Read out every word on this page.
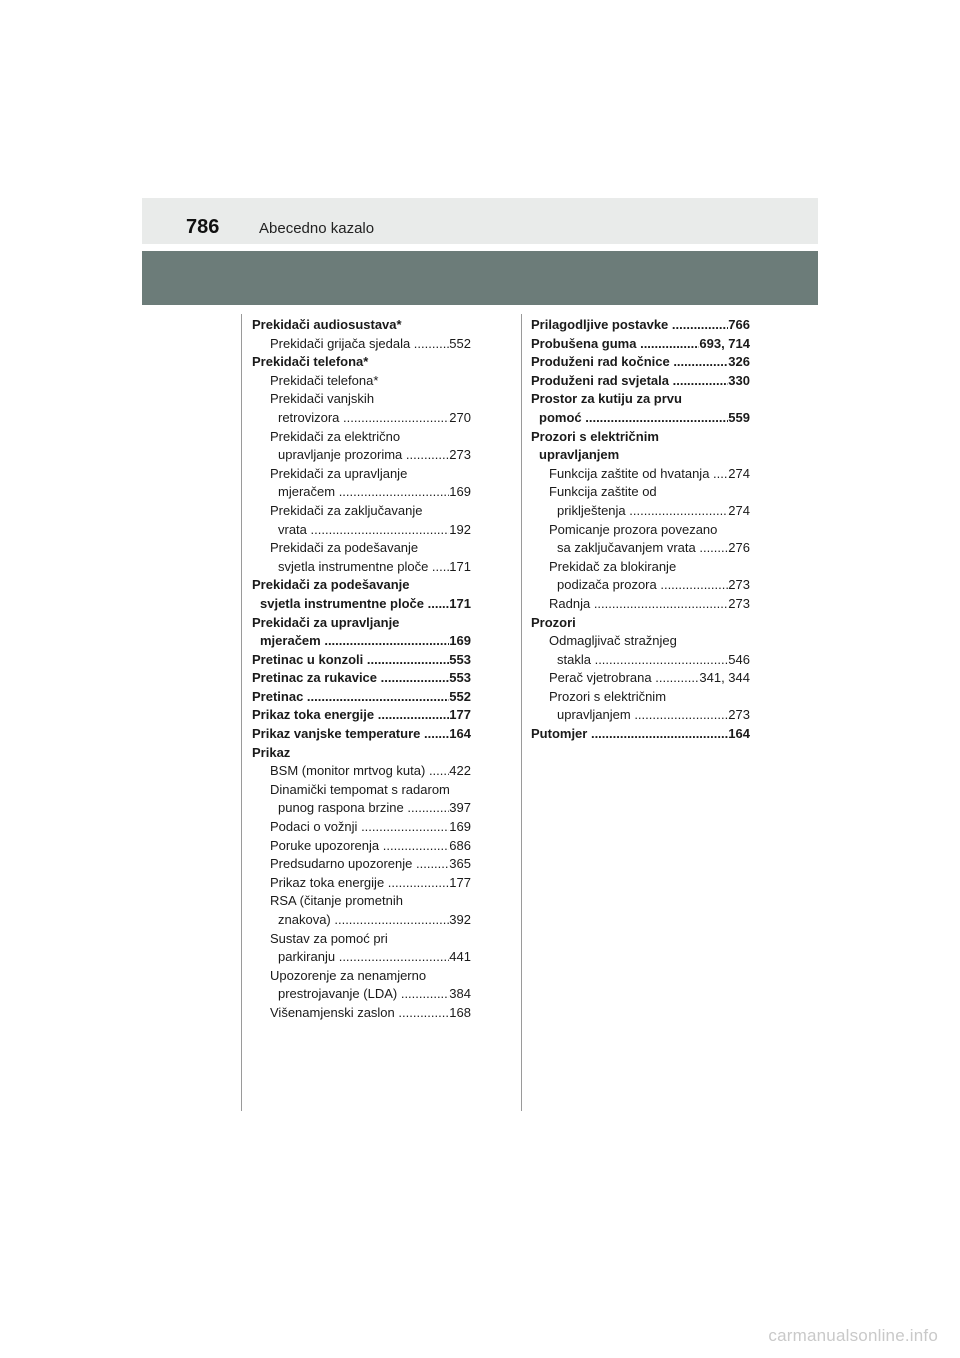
786	Abecedno kazalo
Prekidači audiosustava*
Prekidači grijača sjedala .....	552
Prekidači telefona*
Prekidači telefona*
Prekidači vanjskih
retrovizora .....	270
Prekidači za električno
upravljanje prozorima .....	273
Prekidači za upravljanje
mjeračem .....	169
Prekidači za zaključavanje
vrata .....	192
Prekidači za podešavanje
svjetla instrumentne ploče .....	171
Prekidači za podešavanje
svjetla instrumentne ploče .....	171
Prekidači za upravljanje
mjeračem .....	169
Pretinac u konzoli .....	553
Pretinac za rukavice .....	553
Pretinac .....	552
Prikaz toka energije .....	177
Prikaz vanjske temperature .....	164
Prikaz
BSM (monitor mrtvog kuta) .....	422
Dinamički tempomat s radarom
punog raspona brzine .....	397
Podaci o vožnji .....	169
Poruke upozorenja .....	686
Predsudarno upozorenje .....	365
Prikaz toka energije .....	177
RSA (čitanje prometnih
znakova) .....	392
Sustav za pomoć pri
parkiranju .....	441
Upozorenje za nenamjerno
prestrojavanje (LDA) .....	384
Višenamjenski zaslon .....	168
Prilagodljive postavke .....	766
Probušena guma .....	693, 714
Produženi rad kočnice .....	326
Produženi rad svjetala .....	330
Prostor za kutiju za prvu
pomoć .....	559
Prozori s električnim
upravljanjem
Funkcija zaštite od hvatanja .....	274
Funkcija zaštite od
priklještenja .....	274
Pomicanje prozora povezano
sa zaključavanjem vrata .....	276
Prekidač za blokiranje
podizača prozora .....	273
Radnja .....	273
Prozori
Odmagljivač stražnjeg
stakla .....	546
Perač vjetrobrana .....	341, 344
Prozori s električnim
upravljanjem .....	273
Putomjer .....	164
carmanualsonline.info
